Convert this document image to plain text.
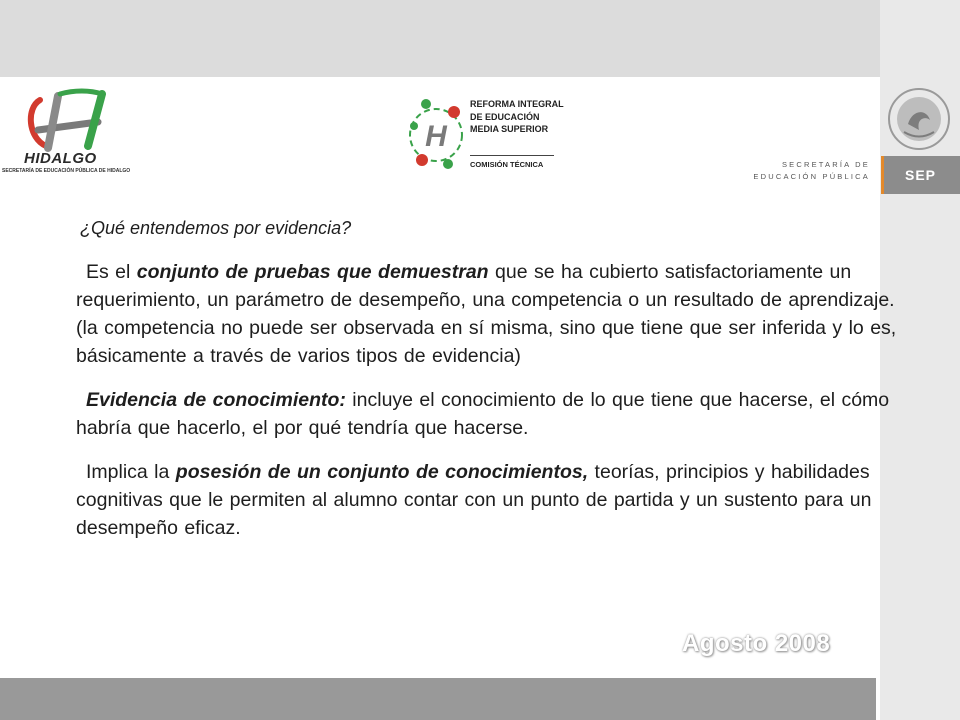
HIDALGO
SECRETARÍA DE EDUCACIÓN PÚBLICA DE HIDALGO
H
REFORMA INTEGRAL
DE EDUCACIÓN
MEDIA SUPERIOR
COMISIÓN TÉCNICA	SECRETARÍA DE
EDUCACIÓN PÚBLICA	SEP

¿Qué entendemos por evidencia?

Es el conjunto de pruebas que demuestran que se ha cubierto satisfactoriamente un requerimiento, un parámetro de desempeño, una competencia o un resultado de aprendizaje. (la competencia no puede ser observada en sí misma, sino que tiene que ser inferida y lo es, básicamente a través de varios tipos de evidencia)

Evidencia de conocimiento: incluye el conocimiento de lo que tiene que hacerse, el cómo habría que hacerlo, el por qué tendría que hacerse.

Implica la posesión de un conjunto de conocimientos, teorías, principios y habilidades cognitivas que le permiten al alumno contar con un punto de partida y un sustento para un desempeño eficaz.

Agosto 2008
